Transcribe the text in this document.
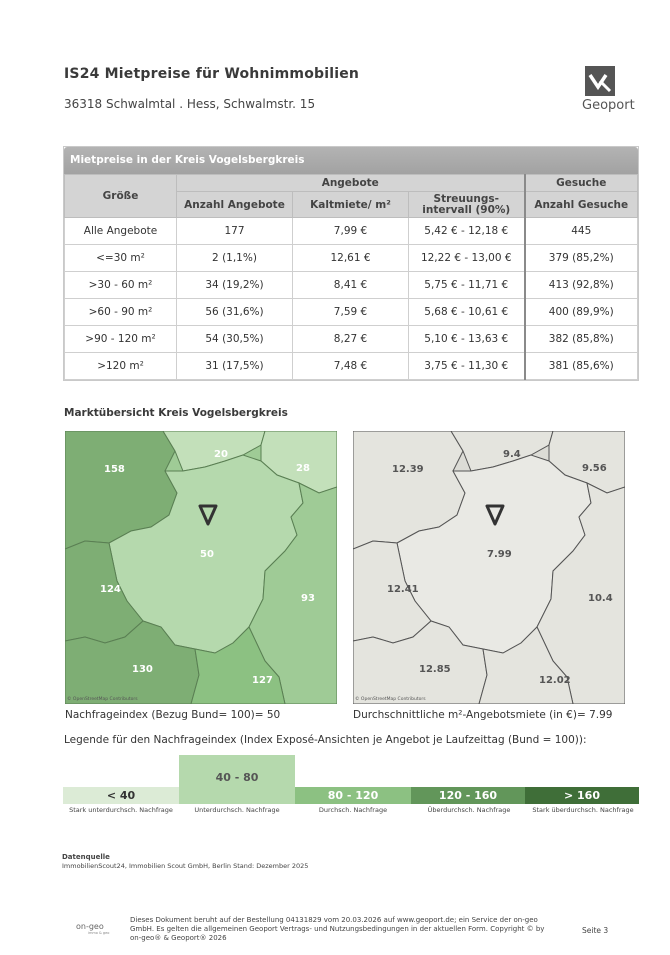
IS24 Mietpreise für Wohnimmobilien
36318 Schwalmtal . Hess, Schwalmstr. 15	Geoport
Mietpreise in der Kreis Vogelsbergkreis
Größe	Angebote			Gesuche
	Anzahl Angebote	Kaltmiete/ m²	Streuungs-
intervall (90%)	Anzahl Gesuche
Alle Angebote	177	7,99 €	5,42 € - 12,18 €	445
<=30 m²	2 (1,1%)	12,61 €	12,22 € - 13,00 €	379 (85,2%)
>30 - 60 m²	34 (19,2%)	8,41 €	5,75 € - 11,71 €	413 (92,8%)
>60 - 90 m²	56 (31,6%)	7,59 €	5,68 € - 10,61 €	400 (89,9%)
>90 - 120 m²	54 (30,5%)	8,27 €	5,10 € - 13,63 €	382 (85,8%)
>120 m²	31 (17,5%)	7,48 €	3,75 € - 11,30 €	381 (85,6%)
Marktübersicht Kreis Vogelsbergkreis
158
20
28
50
124
93
130
127
© OpenStreetMap Contributors
9.4
12.39	9.56
7.99
12.41
10.4
12.85
12.02
© OpenStreetMap Contributors
Nachfrageindex (Bezug Bund= 100)= 50	Durchschnittliche m²-Angebotsmiete (in €)= 7.99
Legende für den Nachfrageindex (Index Exposé-Ansichten je Angebot je Laufzeittag (Bund = 100)):
< 40
40 - 80
80 - 120	120 - 160	> 160
Stark unterdurchsch. Nachfrage	Unterdurchsch. Nachfrage	Durchsch. Nachfrage	Überdurchsch. Nachfrage	Stark überdurchsch. Nachfrage
Datenquelle
ImmobilienScout24, Immobilien Scout GmbH, Berlin Stand: Dezember 2025
on-geo
immo & geo
Dieses Dokument beruht auf der Bestellung 04131829 vom 20.03.2026 auf www.geoport.de; ein Service der on-geo GmbH. Es gelten die allgemeinen Geoport Vertrags- und Nutzungsbedingungen in der aktuellen Form. Copyright © by on-geo® & Geoport® 2026
Seite 3
